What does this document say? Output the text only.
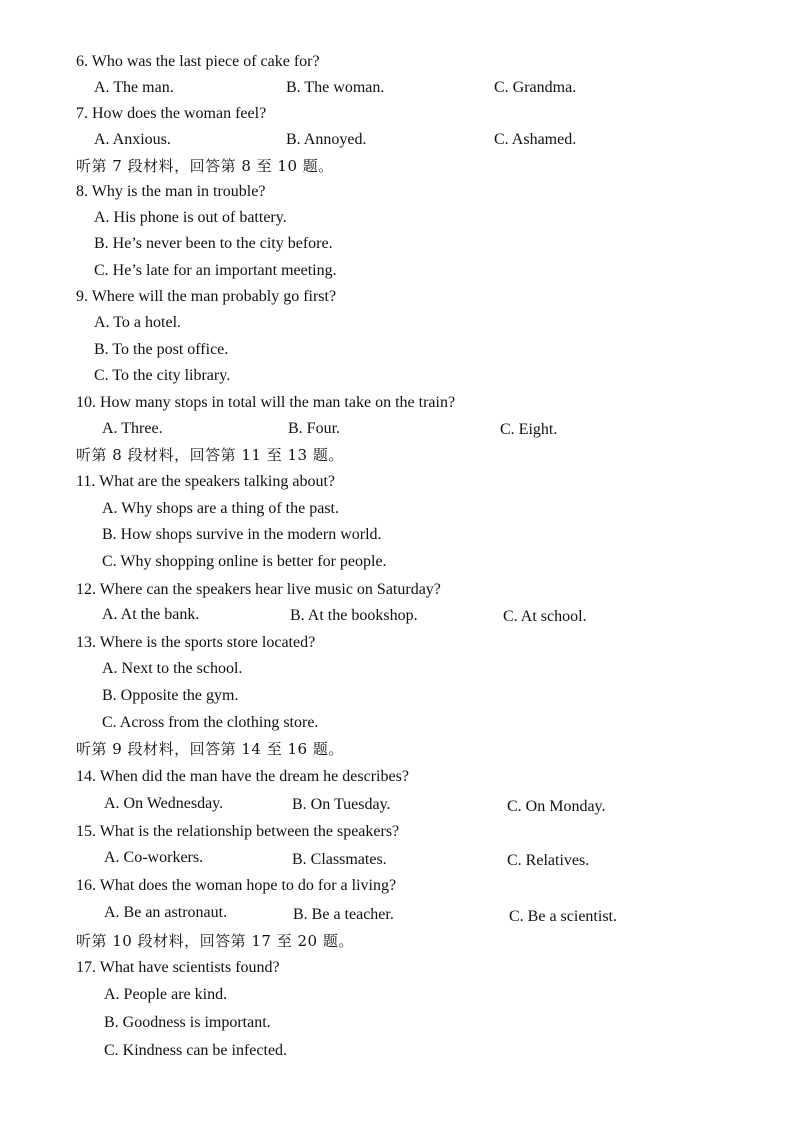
6. Who was the last piece of cake for?
A. The man.	B. The woman.	C. Grandma.
7. How does the woman feel?
A. Anxious.	B. Annoyed.	C. Ashamed.
听第 7 段材料，回答第 8 至 10 题。
8. Why is the man in trouble?
A. His phone is out of battery.
B. He’s never been to the city before.
C. He’s late for an important meeting.
9. Where will the man probably go first?
A. To a hotel.
B. To the post office.
C. To the city library.
10. How many stops in total will the man take on the train?
A. Three.	B. Four.	C. Eight.
听第 8 段材料，回答第 11 至 13 题。
11. What are the speakers talking about?
A. Why shops are a thing of the past.
B. How shops survive in the modern world.
C. Why shopping online is better for people.
12. Where can the speakers hear live music on Saturday?
A. At the bank.	B. At the bookshop.	C. At school.
13. Where is the sports store located?
A. Next to the school.
B. Opposite the gym.
C. Across from the clothing store.
听第 9 段材料，回答第 14 至 16 题。
14. When did the man have the dream he describes?
A. On Wednesday.	B. On Tuesday.	C. On Monday.
15. What is the relationship between the speakers?
A. Co-workers.	B. Classmates.	C. Relatives.
16. What does the woman hope to do for a living?
A. Be an astronaut.	B. Be a teacher.	C. Be a scientist.
听第 10 段材料，回答第 17 至 20 题。
17. What have scientists found?
A. People are kind.
B. Goodness is important.
C. Kindness can be infected.
